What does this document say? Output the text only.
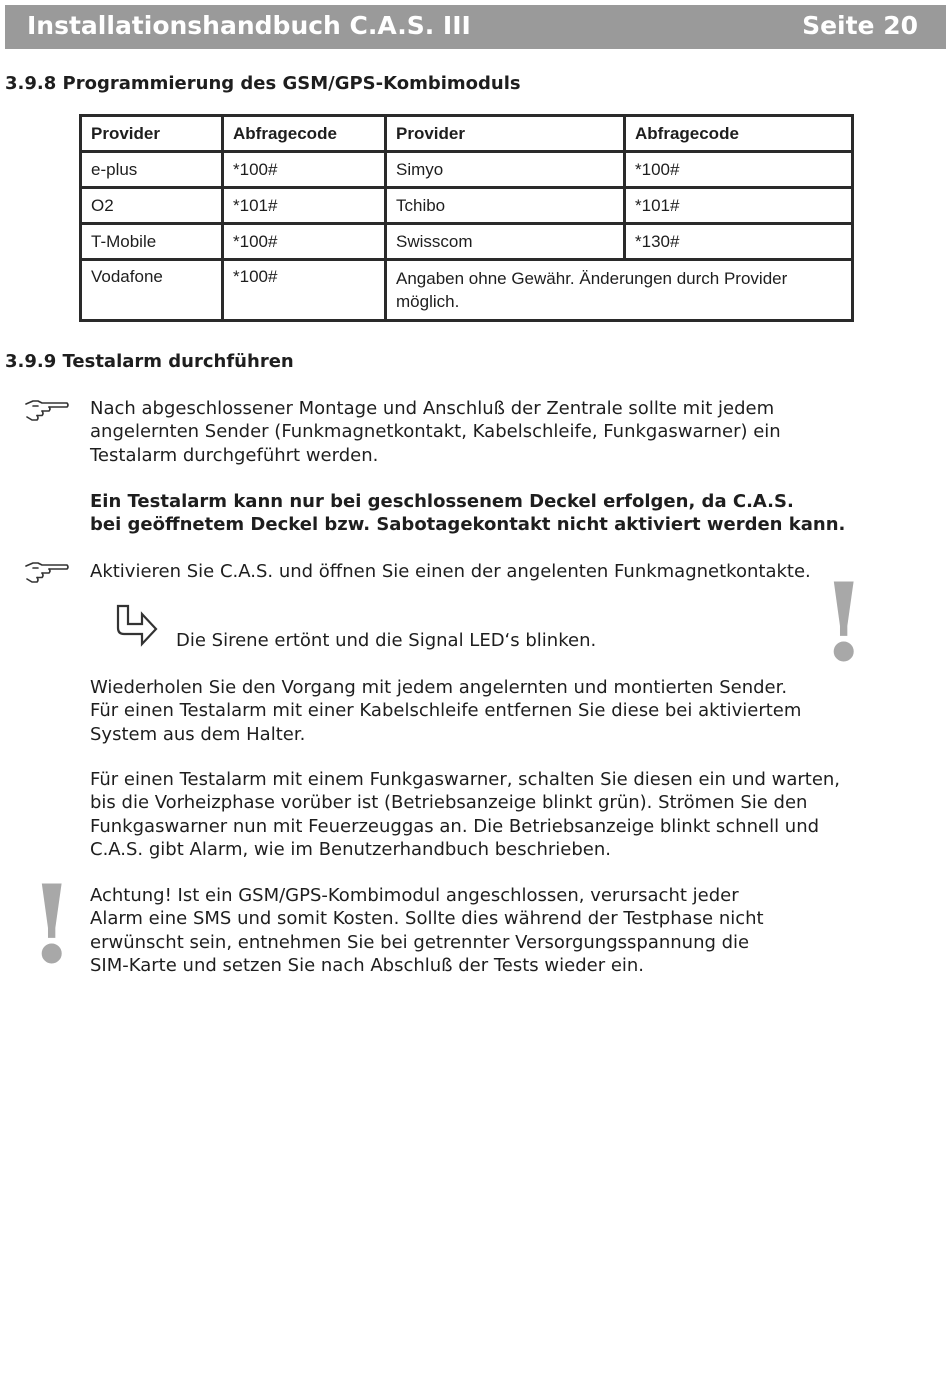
Installationshandbuch C.A.S. III	Seite 20
3.9.8 Programmierung des GSM/GPS-Kombimoduls
Provider	Abfragecode	Provider	Abfragecode
e-plus	*100#	Simyo	*100#
O2	*101#	Tchibo	*101#
T-Mobile	*100#	Swisscom	*130#
Vodafone	*100#	Angaben ohne Gewähr. Änderungen durch Provider möglich.	
3.9.9 Testalarm durchführen
Nach abgeschlossener Montage und Anschluß der Zentrale sollte mit jedem
angelernten Sender (Funkmagnetkontakt, Kabelschleife, Funkgaswarner) ein
Testalarm durchgeführt werden.
Ein Testalarm kann nur bei geschlossenem Deckel erfolgen, da C.A.S.
bei geöffnetem Deckel bzw. Sabotagekontakt nicht aktiviert werden kann.
Aktivieren Sie C.A.S. und öffnen Sie einen der angelenten Funkmagnetkontakte.
Die Sirene ertönt und die Signal LED‘s blinken. !
Wiederholen Sie den Vorgang mit jedem angelernten und montierten Sender.
Für einen Testalarm mit einer Kabelschleife entfernen Sie diese bei aktiviertem
System aus dem Halter.
Für einen Testalarm mit einem Funkgaswarner, schalten Sie diesen ein und warten,
bis die Vorheizphase vorüber ist (Betriebsanzeige blinkt grün). Strömen Sie den
Funkgaswarner nun mit Feuerzeuggas an. Die Betriebsanzeige blinkt schnell und
C.A.S. gibt Alarm, wie im Benutzerhandbuch beschrieben.
! Achtung! Ist ein GSM/GPS-Kombimodul angeschlossen, verursacht jeder
Alarm eine SMS und somit Kosten. Sollte dies während der Testphase nicht
erwünscht sein, entnehmen Sie bei getrennter Versorgungsspannung die
SIM-Karte und setzen Sie nach Abschluß der Tests wieder ein.
